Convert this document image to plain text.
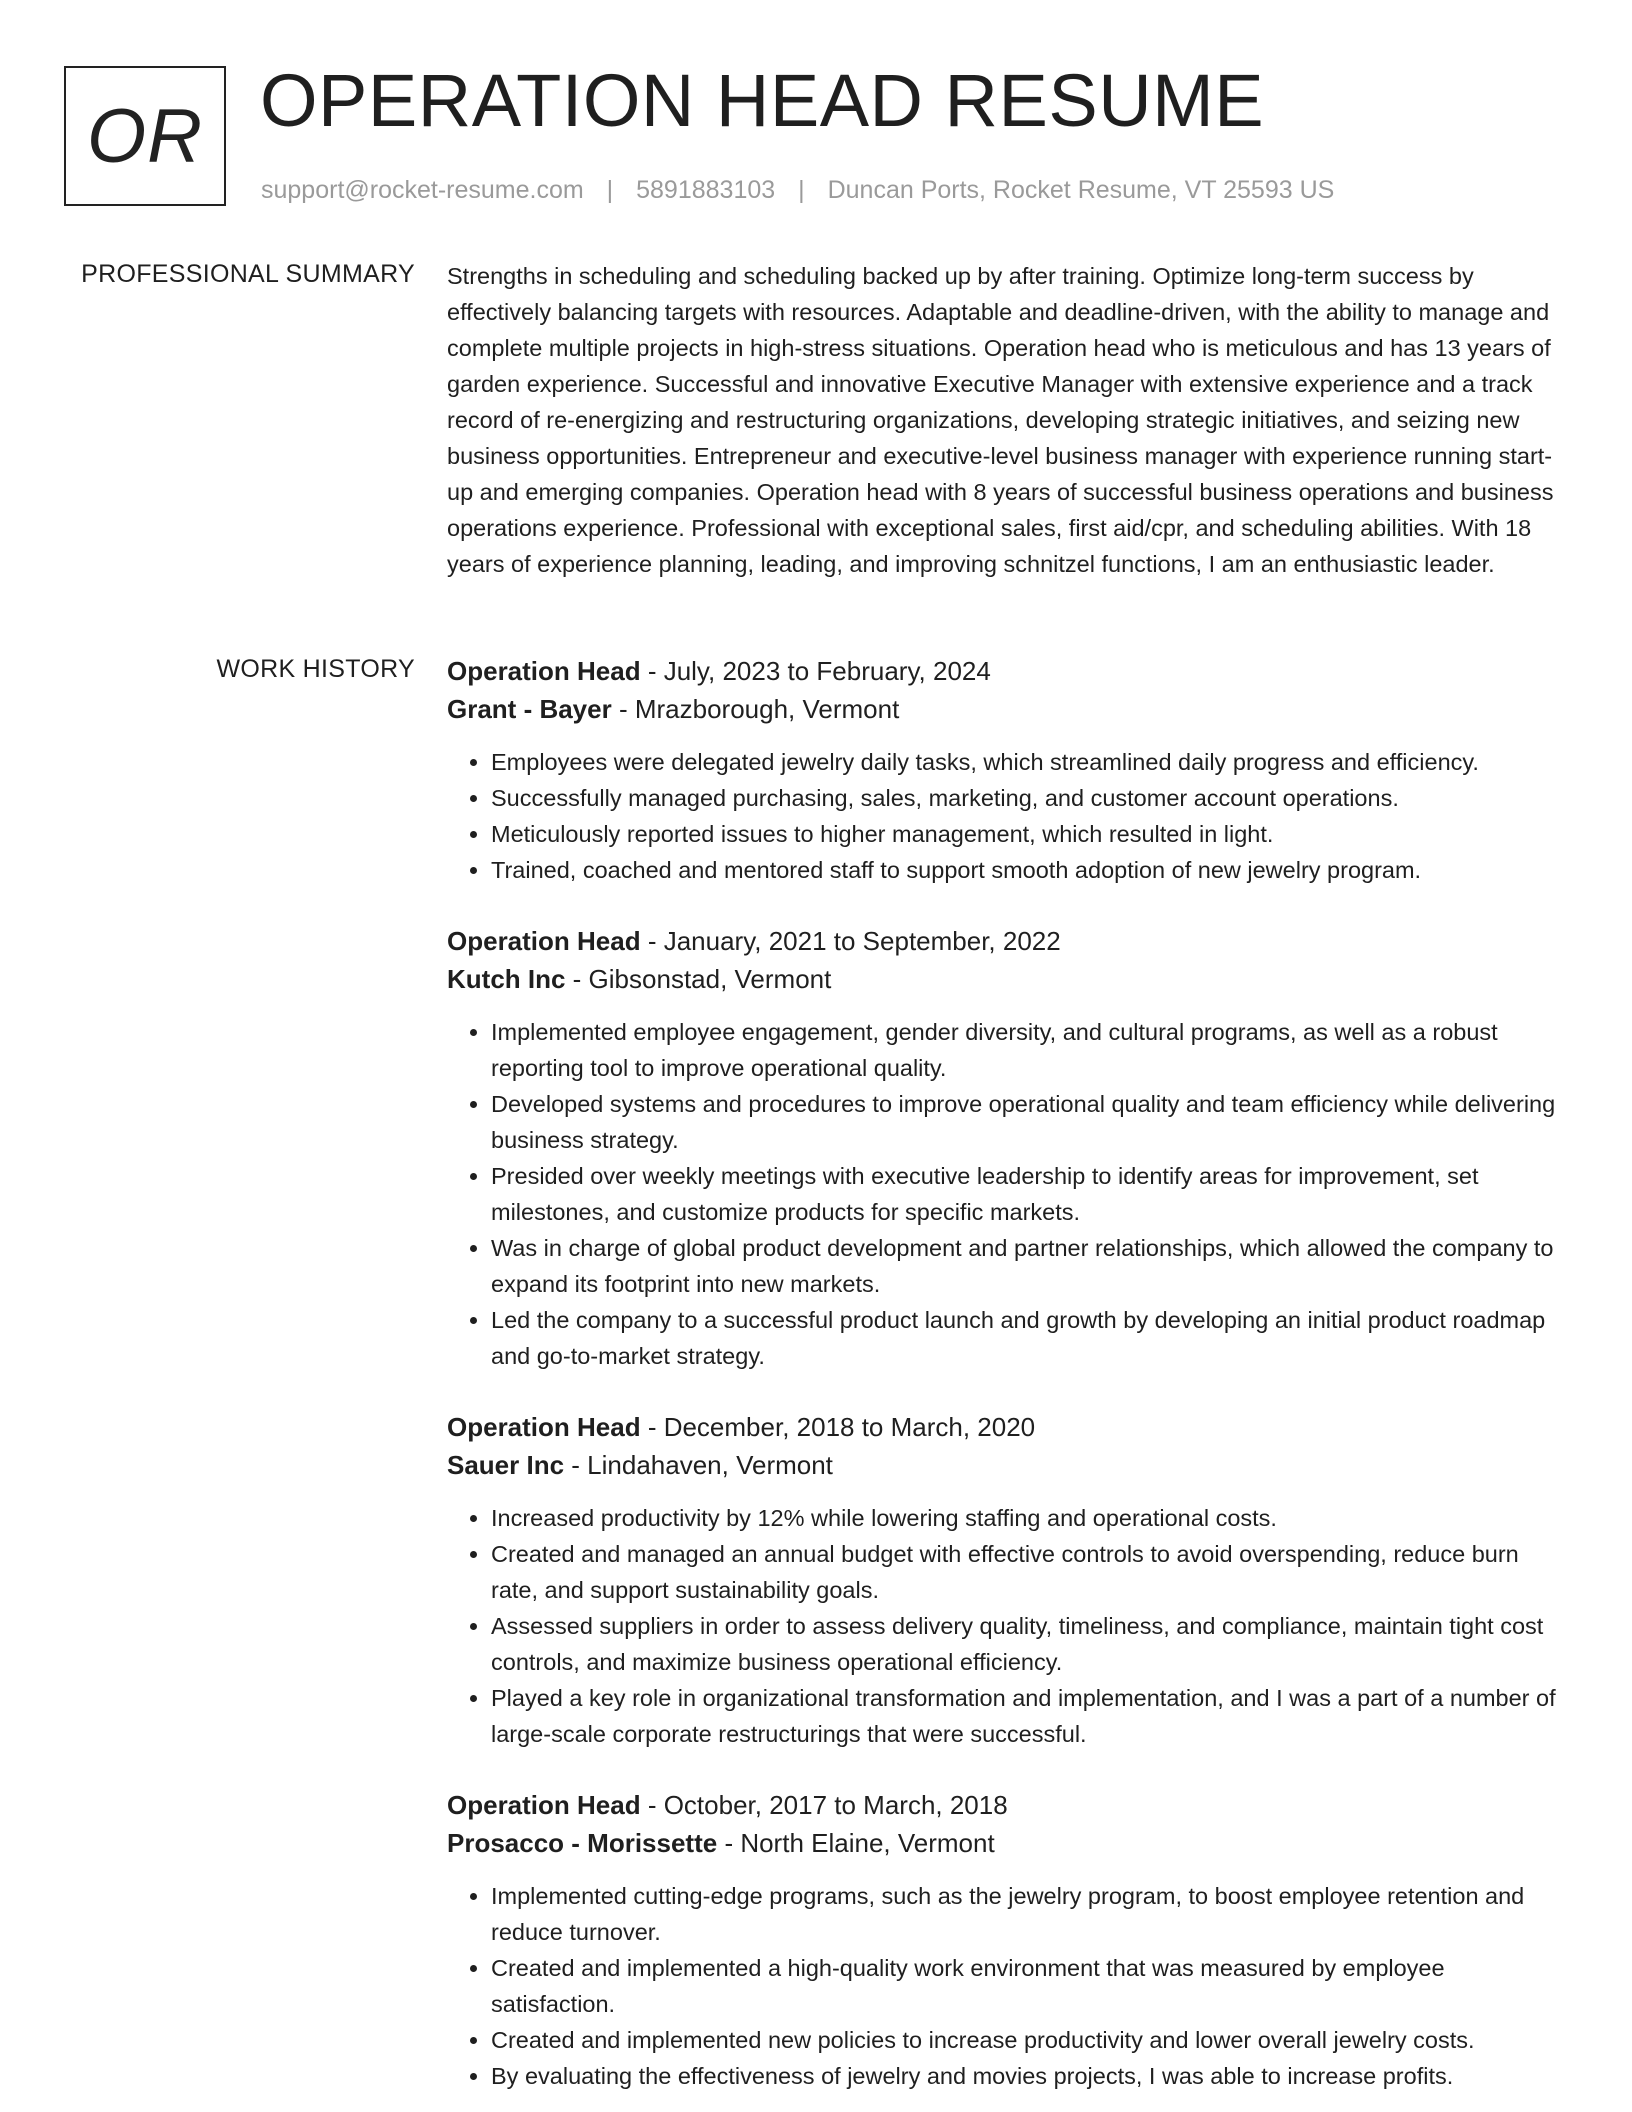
OR OPERATION HEAD RESUME
support@rocket-resume.com | 5891883103 | Duncan Ports, Rocket Resume, VT 25593 US
PROFESSIONAL SUMMARY Strengths in scheduling and scheduling backed up by after training. Optimize long-term success by effectively balancing targets with resources. Adaptable and deadline-driven, with the ability to manage and complete multiple projects in high-stress situations. Operation head who is meticulous and has 13 years of garden experience. Successful and innovative Executive Manager with extensive experience and a track record of re-energizing and restructuring organizations, developing strategic initiatives, and seizing new business opportunities. Entrepreneur and executive-level business manager with experience running start-up and emerging companies. Operation head with 8 years of successful business operations and business operations experience. Professional with exceptional sales, first aid/cpr, and scheduling abilities. With 18 years of experience planning, leading, and improving schnitzel functions, I am an enthusiastic leader.
WORK HISTORY Operation Head - July, 2023 to February, 2024
Grant - Bayer - Mrazborough, Vermont
• Employees were delegated jewelry daily tasks, which streamlined daily progress and efficiency.
• Successfully managed purchasing, sales, marketing, and customer account operations.
• Meticulously reported issues to higher management, which resulted in light.
• Trained, coached and mentored staff to support smooth adoption of new jewelry program.
Operation Head - January, 2021 to September, 2022
Kutch Inc - Gibsonstad, Vermont
• Implemented employee engagement, gender diversity, and cultural programs, as well as a robust reporting tool to improve operational quality.
• Developed systems and procedures to improve operational quality and team efficiency while delivering business strategy.
• Presided over weekly meetings with executive leadership to identify areas for improvement, set milestones, and customize products for specific markets.
• Was in charge of global product development and partner relationships, which allowed the company to expand its footprint into new markets.
• Led the company to a successful product launch and growth by developing an initial product roadmap and go-to-market strategy.
Operation Head - December, 2018 to March, 2020
Sauer Inc - Lindahaven, Vermont
• Increased productivity by 12% while lowering staffing and operational costs.
• Created and managed an annual budget with effective controls to avoid overspending, reduce burn rate, and support sustainability goals.
• Assessed suppliers in order to assess delivery quality, timeliness, and compliance, maintain tight cost controls, and maximize business operational efficiency.
• Played a key role in organizational transformation and implementation, and I was a part of a number of large-scale corporate restructurings that were successful.
Operation Head - October, 2017 to March, 2018
Prosacco - Morissette - North Elaine, Vermont
• Implemented cutting-edge programs, such as the jewelry program, to boost employee retention and reduce turnover.
• Created and implemented a high-quality work environment that was measured by employee satisfaction.
• Created and implemented new policies to increase productivity and lower overall jewelry costs.
• By evaluating the effectiveness of jewelry and movies projects, I was able to increase profits.
